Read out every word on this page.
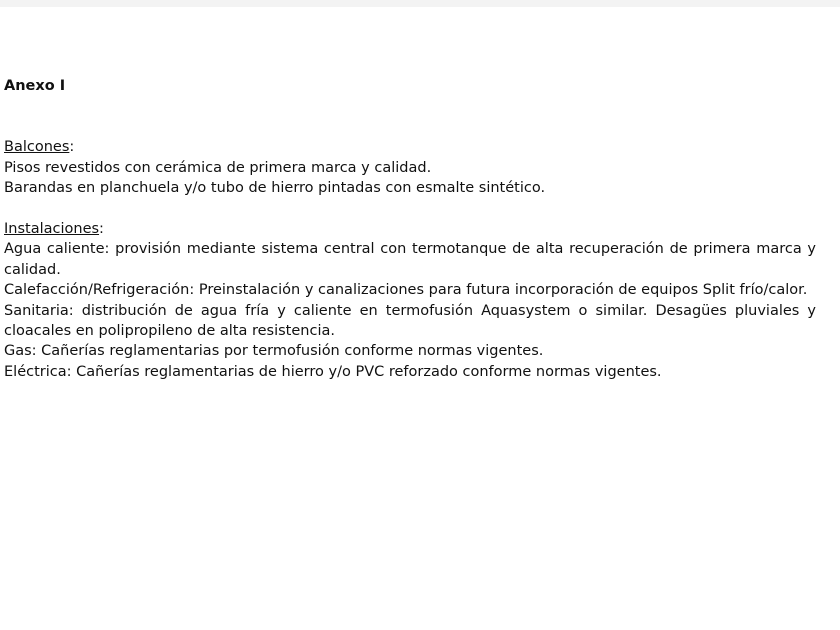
Anexo I
Balcones:
Pisos revestidos con cerámica de primera marca y calidad.
Barandas en planchuela y/o tubo de hierro pintadas con esmalte sintético.
Instalaciones:
Agua caliente: provisión mediante sistema central con termotanque de alta recuperación de primera marca y calidad.
Calefacción/Refrigeración: Preinstalación y canalizaciones para futura incorporación de equipos Split frío/calor.
Sanitaria: distribución de agua fría y caliente en termofusión Aquasystem o similar. Desagües pluviales y cloacales en polipropileno de alta resistencia.
Gas: Cañerías reglamentarias por termofusión conforme normas vigentes.
Eléctrica: Cañerías reglamentarias de hierro y/o PVC reforzado conforme normas vigentes.
